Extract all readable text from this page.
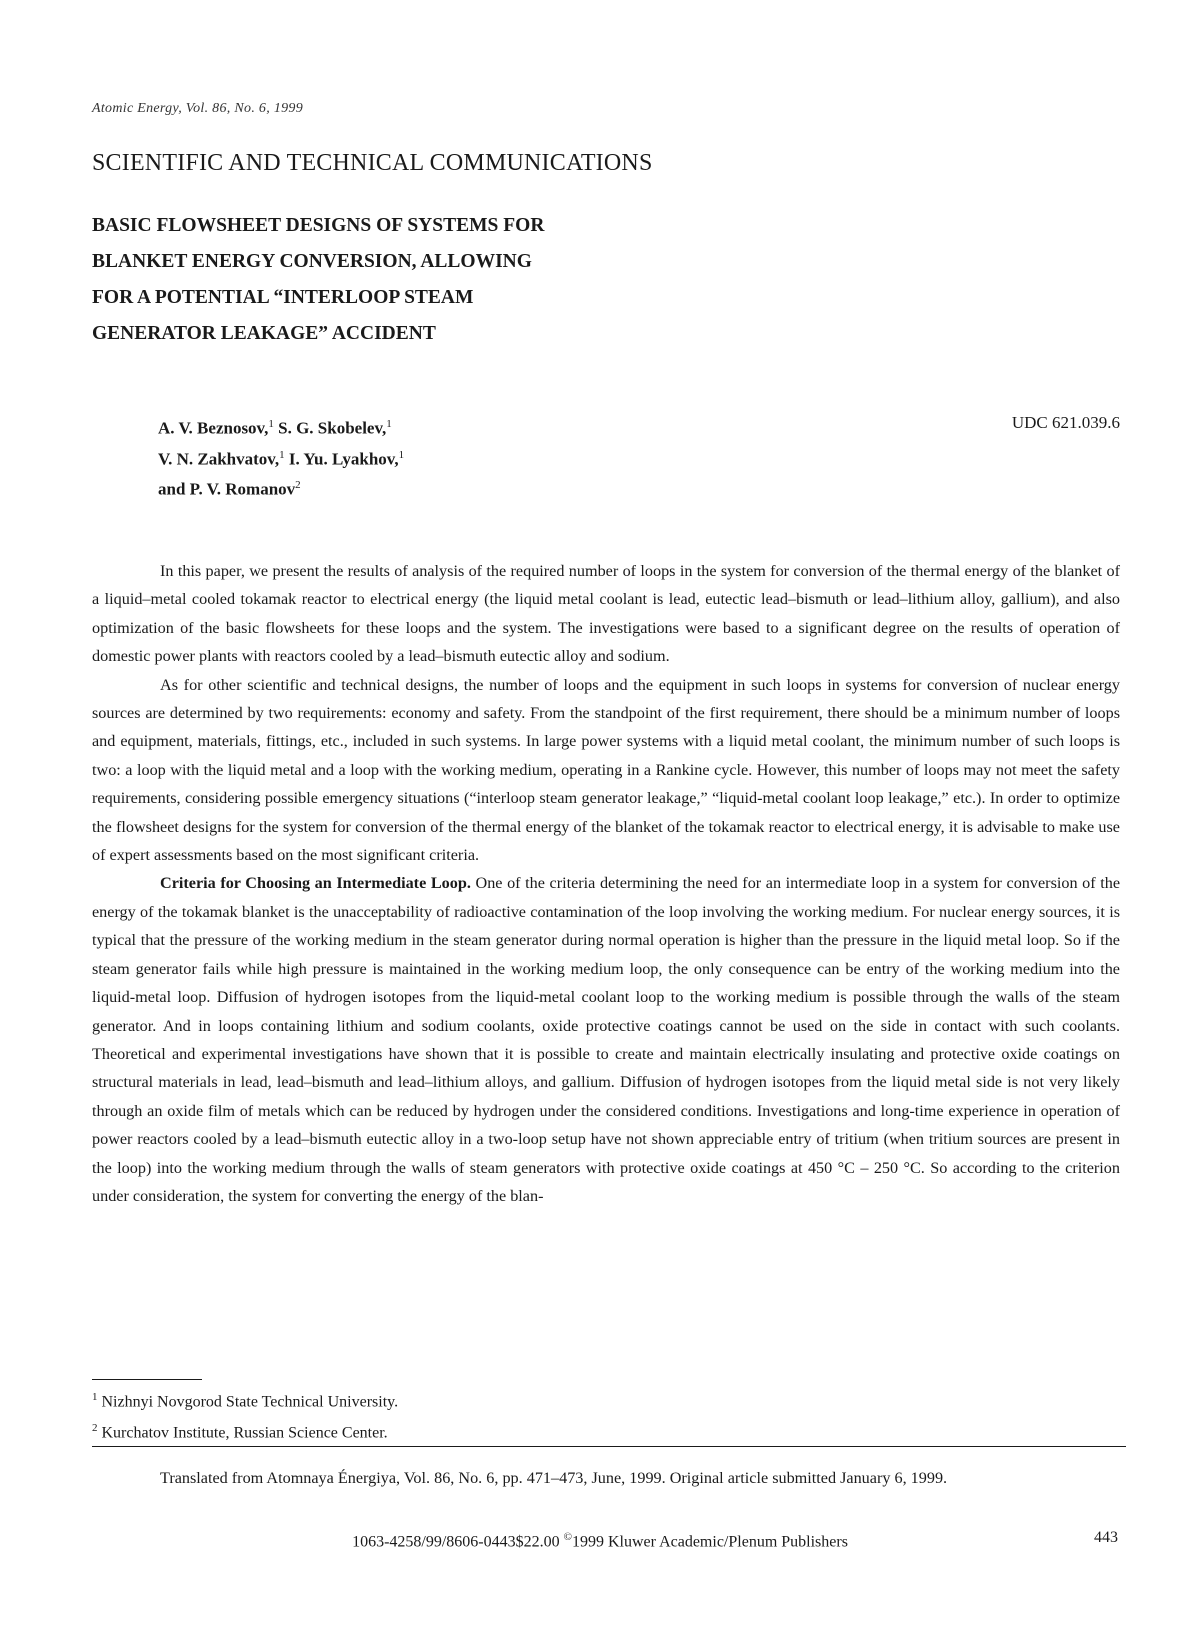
Atomic Energy, Vol. 86, No. 6, 1999
SCIENTIFIC AND TECHNICAL COMMUNICATIONS
BASIC FLOWSHEET DESIGNS OF SYSTEMS FOR
BLANKET ENERGY CONVERSION, ALLOWING
FOR A POTENTIAL “INTERLOOP STEAM
GENERATOR LEAKAGE” ACCIDENT
A. V. Beznosov,$^1$ S. G. Skobelev,$^1$
V. N. Zakhvatov,$^1$ I. Yu. Lyakhov,$^1$
and P. V. Romanov$^2$
UDC 621.039.6

In this paper, we present the results of analysis of the required number of loops in the system for conversion of the thermal energy of the blanket of a liquid–metal cooled tokamak reactor to electrical energy (the liquid metal coolant is lead, eutectic lead–bismuth or lead–lithium alloy, gallium), and also optimization of the basic flowsheets for these loops and the system. The investigations were based to a significant degree on the results of operation of domestic power plants with reactors cooled by a lead–bismuth eutectic alloy and sodium.

As for other scientific and technical designs, the number of loops and the equipment in such loops in systems for conversion of nuclear energy sources are determined by two requirements: economy and safety. From the standpoint of the first requirement, there should be a minimum number of loops and equipment, materials, fittings, etc., included in such systems. In large power systems with a liquid metal coolant, the minimum number of such loops is two: a loop with the liquid metal and a loop with the working medium, operating in a Rankine cycle. However, this number of loops may not meet the safety requirements, considering possible emergency situations (“interloop steam generator leakage,” “liquid-metal coolant loop leakage,” etc.). In order to optimize the flowsheet designs for the system for conversion of the thermal energy of the blanket of the tokamak reactor to electrical energy, it is advisable to make use of expert assessments based on the most significant criteria.

Criteria for Choosing an Intermediate Loop. One of the criteria determining the need for an intermediate loop in a system for conversion of the energy of the tokamak blanket is the unacceptability of radioactive contamination of the loop involving the working medium. For nuclear energy sources, it is typical that the pressure of the working medium in the steam generator during normal operation is higher than the pressure in the liquid metal loop. So if the steam generator fails while high pressure is maintained in the working medium loop, the only consequence can be entry of the working medium into the liquid-metal loop. Diffusion of hydrogen isotopes from the liquid-metal coolant loop to the working medium is possible through the walls of the steam generator. And in loops containing lithium and sodium coolants, oxide protective coatings cannot be used on the side in contact with such coolants. Theoretical and experimental investigations have shown that it is possible to create and maintain electrically insulating and protective oxide coatings on structural materials in lead, lead–bismuth and lead–lithium alloys, and gallium. Diffusion of hydrogen isotopes from the liquid metal side is not very likely through an oxide film of metals which can be reduced by hydrogen under the considered conditions. Investigations and long-time experience in operation of power reactors cooled by a lead–bismuth eutectic alloy in a two-loop setup have not shown appreciable entry of tritium (when tritium sources are present in the loop) into the working medium through the walls of steam generators with protective oxide coatings at 450 °C – 250 °C. So according to the criterion under consideration, the system for converting the energy of the blan-

$^1$ Nizhnyi Novgorod State Technical University.
$^2$ Kurchatov Institute, Russian Science Center.
Translated from Atomnaya Énergiya, Vol. 86, No. 6, pp. 471–473, June, 1999. Original article submitted January 6, 1999.
1063-4258/99/8606-0443$22.00 ©1999 Kluwer Academic/Plenum Publishers	443
